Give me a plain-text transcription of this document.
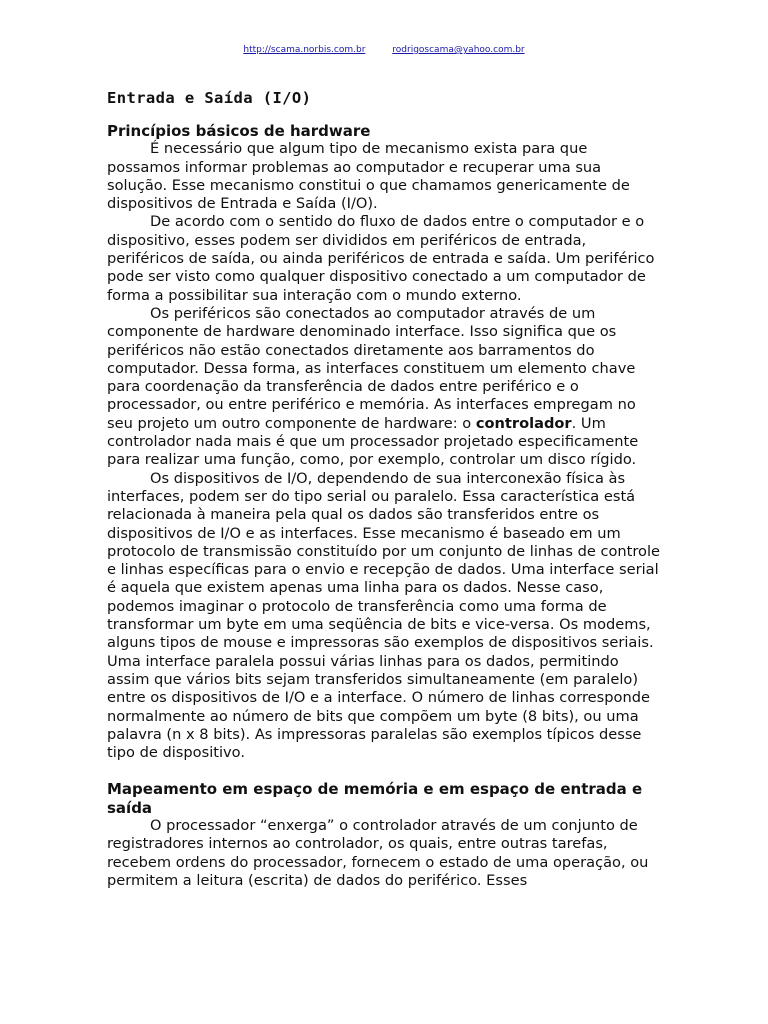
http://scama.norbis.com.br	rodrigoscama@yahoo.com.br
Entrada e Saída (I/O)
Princípios básicos de hardware

É necessário que algum tipo de mecanismo exista para que possamos informar problemas ao computador e recuperar uma sua solução. Esse mecanismo constitui o que chamamos genericamente de dispositivos de Entrada e Saída (I/O).

De acordo com o sentido do fluxo de dados entre o computador e o dispositivo, esses podem ser divididos em periféricos de entrada, periféricos de saída, ou ainda periféricos de entrada e saída. Um periférico pode ser visto como qualquer dispositivo conectado a um computador de forma a possibilitar sua interação com o mundo externo.

Os periféricos são conectados ao computador através de um componente de hardware denominado interface. Isso significa que os periféricos não estão conectados diretamente aos barramentos do computador. Dessa forma, as interfaces constituem um elemento chave para coordenação da transferência de dados entre periférico e o processador, ou entre periférico e memória. As interfaces empregam no seu projeto um outro componente de hardware: o controlador. Um controlador nada mais é que um processador projetado especificamente para realizar uma função, como, por exemplo, controlar um disco rígido.

Os dispositivos de I/O, dependendo de sua interconexão física às interfaces, podem ser do tipo serial ou paralelo. Essa característica está relacionada à maneira pela qual os dados são transferidos entre os dispositivos de I/O e as interfaces. Esse mecanismo é baseado em um protocolo de transmissão constituído por um conjunto de linhas de controle e linhas específicas para o envio e recepção de dados. Uma interface serial é aquela que existem apenas uma linha para os dados. Nesse caso, podemos imaginar o protocolo de transferência como uma forma de transformar um byte em uma seqüência de bits e vice-versa. Os modems, alguns tipos de mouse e impressoras são exemplos de dispositivos seriais. Uma interface paralela possui várias linhas para os dados, permitindo assim que vários bits sejam transferidos simultaneamente (em paralelo) entre os dispositivos de I/O e a interface. O número de linhas corresponde normalmente ao número de bits que compõem um byte (8 bits), ou uma palavra (n x 8 bits). As impressoras paralelas são exemplos típicos desse tipo de dispositivo.

Mapeamento em espaço de memória e em espaço de entrada e saída

O processador “enxerga” o controlador através de um conjunto de registradores internos ao controlador, os quais, entre outras tarefas, recebem ordens do processador, fornecem o estado de uma operação, ou permitem a leitura (escrita) de dados do periférico. Esses
